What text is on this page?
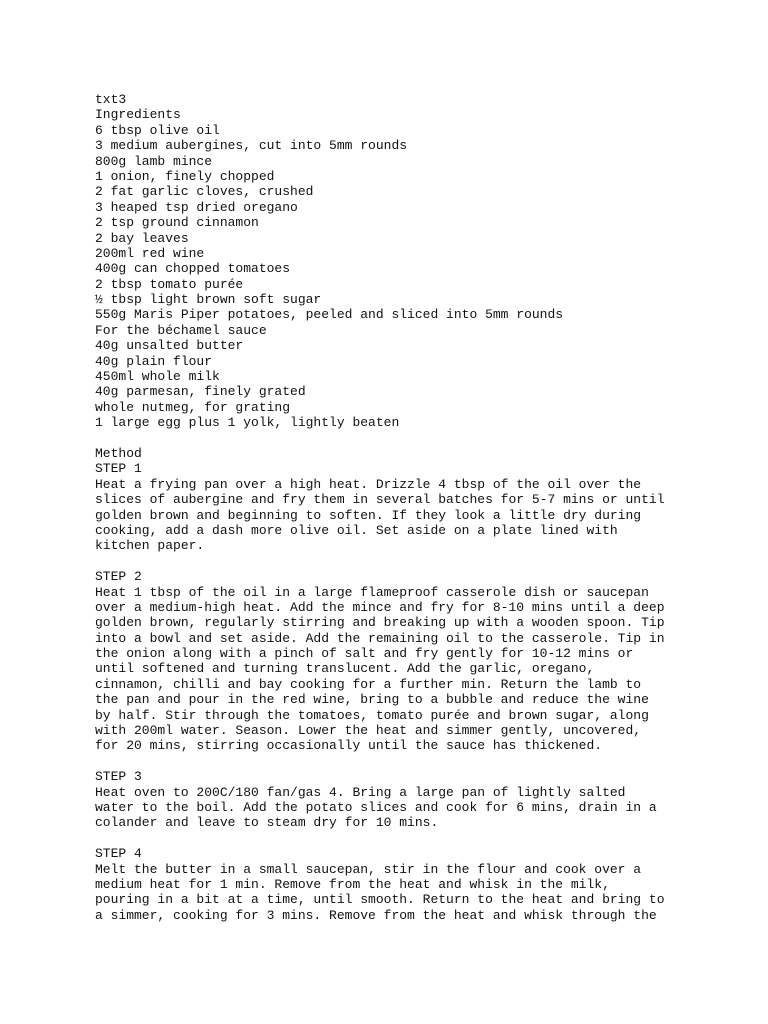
txt3
Ingredients
6 tbsp olive oil
3 medium aubergines, cut into 5mm rounds
800g lamb mince
1 onion, finely chopped
2 fat garlic cloves, crushed
3 heaped tsp dried oregano
2 tsp ground cinnamon
2 bay leaves
200ml red wine
400g can chopped tomatoes
2 tbsp tomato purée
½ tbsp light brown soft sugar
550g Maris Piper potatoes, peeled and sliced into 5mm rounds
For the béchamel sauce
40g unsalted butter
40g plain flour
450ml whole milk
40g parmesan, finely grated
whole nutmeg, for grating
1 large egg plus 1 yolk, lightly beaten
Method
STEP 1
Heat a frying pan over a high heat. Drizzle 4 tbsp of the oil over the
slices of aubergine and fry them in several batches for 5-7 mins or until
golden brown and beginning to soften. If they look a little dry during
cooking, add a dash more olive oil. Set aside on a plate lined with
kitchen paper.
STEP 2
Heat 1 tbsp of the oil in a large flameproof casserole dish or saucepan
over a medium-high heat. Add the mince and fry for 8-10 mins until a deep
golden brown, regularly stirring and breaking up with a wooden spoon. Tip
into a bowl and set aside. Add the remaining oil to the casserole. Tip in
the onion along with a pinch of salt and fry gently for 10-12 mins or
until softened and turning translucent. Add the garlic, oregano,
cinnamon, chilli and bay cooking for a further min. Return the lamb to
the pan and pour in the red wine, bring to a bubble and reduce the wine
by half. Stir through the tomatoes, tomato purée and brown sugar, along
with 200ml water. Season. Lower the heat and simmer gently, uncovered,
for 20 mins, stirring occasionally until the sauce has thickened.
STEP 3
Heat oven to 200C/180 fan/gas 4. Bring a large pan of lightly salted
water to the boil. Add the potato slices and cook for 6 mins, drain in a
colander and leave to steam dry for 10 mins.
STEP 4
Melt the butter in a small saucepan, stir in the flour and cook over a
medium heat for 1 min. Remove from the heat and whisk in the milk,
pouring in a bit at a time, until smooth. Return to the heat and bring to
a simmer, cooking for 3 mins. Remove from the heat and whisk through the
